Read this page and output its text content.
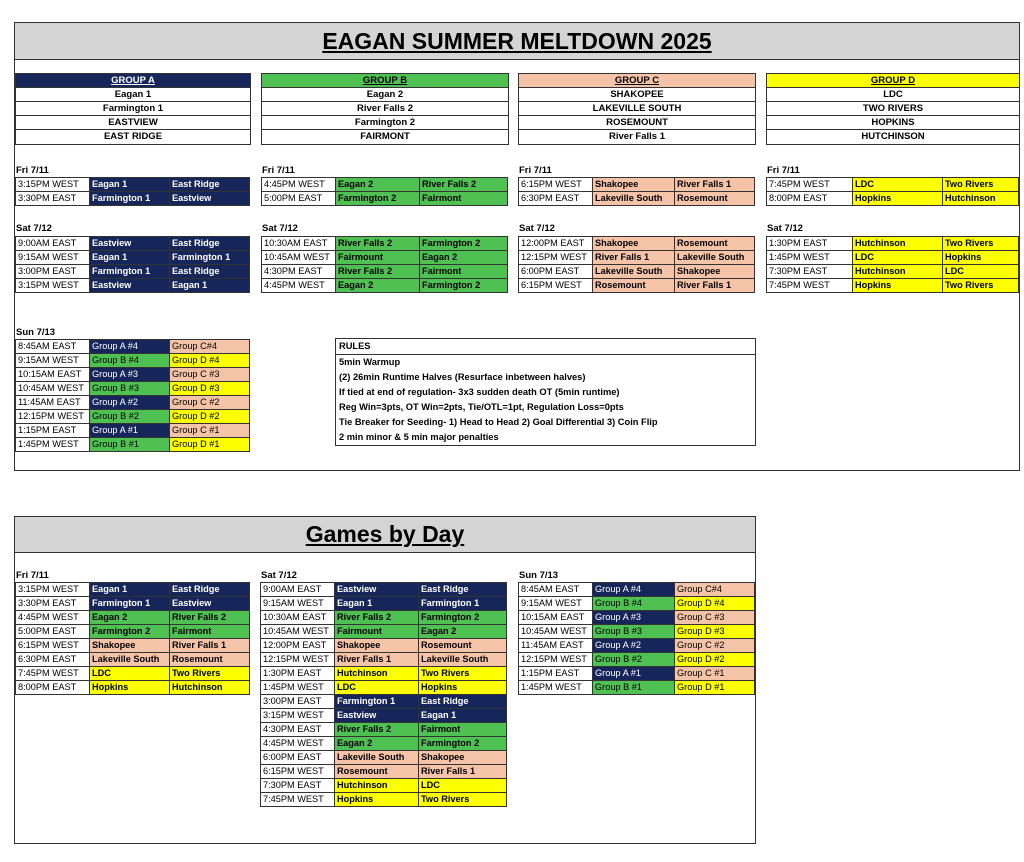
EAGAN SUMMER MELTDOWN 2025
GROUP A
Eagan 1
Farmington 1
EASTVIEW
EAST RIDGE
GROUP B
Eagan 2
River Falls 2
Farmington 2
FAIRMONT
GROUP C
SHAKOPEE
LAKEVILLE SOUTH
ROSEMOUNT
River Falls 1
GROUP D
LDC
TWO RIVERS
HOPKINS
HUTCHINSON
Fri 7/11
3:15PM WEST	Eagan 1	East Ridge
3:30PM EAST	Farmington 1	Eastview
Fri 7/11
4:45PM WEST	Eagan 2	River Falls 2
5:00PM EAST	Farmington 2	Fairmont
Fri 7/11
6:15PM WEST	Shakopee	River Falls 1
6:30PM EAST	Lakeville South	Rosemount
Fri 7/11
7:45PM WEST	LDC	Two Rivers
8:00PM EAST	Hopkins	Hutchinson
Sat 7/12
9:00AM EAST	Eastview	East Ridge
9:15AM WEST	Eagan 1	Farmington 1
3:00PM EAST	Farmington 1	East Ridge
3:15PM WEST	Eastview	Eagan 1
Sat 7/12
10:30AM EAST	River Falls 2	Farmington 2
10:45AM WEST	Fairmount	Eagan 2
4:30PM EAST	River Falls 2	Fairmont
4:45PM WEST	Eagan 2	Farmington 2
Sat 7/12
12:00PM EAST	Shakopee	Rosemount
12:15PM WEST	River Falls 1	Lakeville South
6:00PM EAST	Lakeville South	Shakopee
6:15PM WEST	Rosemount	River Falls 1
Sat 7/12
1:30PM EAST	Hutchinson	Two Rivers
1:45PM WEST	LDC	Hopkins
7:30PM EAST	Hutchinson	LDC
7:45PM WEST	Hopkins	Two Rivers
Sun 7/13
8:45AM EAST	Group A #4	Group C#4
9:15AM WEST	Group B #4	Group D #4
10:15AM EAST	Group A #3	Group C #3
10:45AM WEST	Group B #3	Group D #3
11:45AM EAST	Group A #2	Group C #2
12:15PM WEST	Group B #2	Group D #2
1:15PM EAST	Group A #1	Group C #1
1:45PM WEST	Group B #1	Group D #1
RULES
5min Warmup
(2) 26min Runtime Halves (Resurface inbetween halves)
If tied at end of regulation- 3x3 sudden death OT (5min runtime)
Reg Win=3pts, OT Win=2pts, Tie/OTL=1pt, Regulation Loss=0pts
Tie Breaker for Seeding- 1) Head to Head 2) Goal Differential 3) Coin Flip
2 min minor & 5 min major penalties
Games by Day
Fri 7/11
3:15PM WEST	Eagan 1	East Ridge
3:30PM EAST	Farmington 1	Eastview
4:45PM WEST	Eagan 2	River Falls 2
5:00PM EAST	Farmington 2	Fairmont
6:15PM WEST	Shakopee	River Falls 1
6:30PM EAST	Lakeville South	Rosemount
7:45PM WEST	LDC	Two Rivers
8:00PM EAST	Hopkins	Hutchinson
Sat 7/12
9:00AM EAST	Eastview	East Ridge
9:15AM WEST	Eagan 1	Farmington 1
10:30AM EAST	River Falls 2	Farmington 2
10:45AM WEST	Fairmount	Eagan 2
12:00PM EAST	Shakopee	Rosemount
12:15PM WEST	River Falls 1	Lakeville South
1:30PM EAST	Hutchinson	Two Rivers
1:45PM WEST	LDC	Hopkins
3:00PM EAST	Farmington 1	East Ridge
3:15PM WEST	Eastview	Eagan 1
4:30PM EAST	River Falls 2	Fairmont
4:45PM WEST	Eagan 2	Farmington 2
6:00PM EAST	Lakeville South	Shakopee
6:15PM WEST	Rosemount	River Falls 1
7:30PM EAST	Hutchinson	LDC
7:45PM WEST	Hopkins	Two Rivers
Sun 7/13
8:45AM EAST	Group A #4	Group C#4
9:15AM WEST	Group B #4	Group D #4
10:15AM EAST	Group A #3	Group C #3
10:45AM WEST	Group B #3	Group D #3
11:45AM EAST	Group A #2	Group C #2
12:15PM WEST	Group B #2	Group D #2
1:15PM EAST	Group A #1	Group C #1
1:45PM WEST	Group B #1	Group D #1
